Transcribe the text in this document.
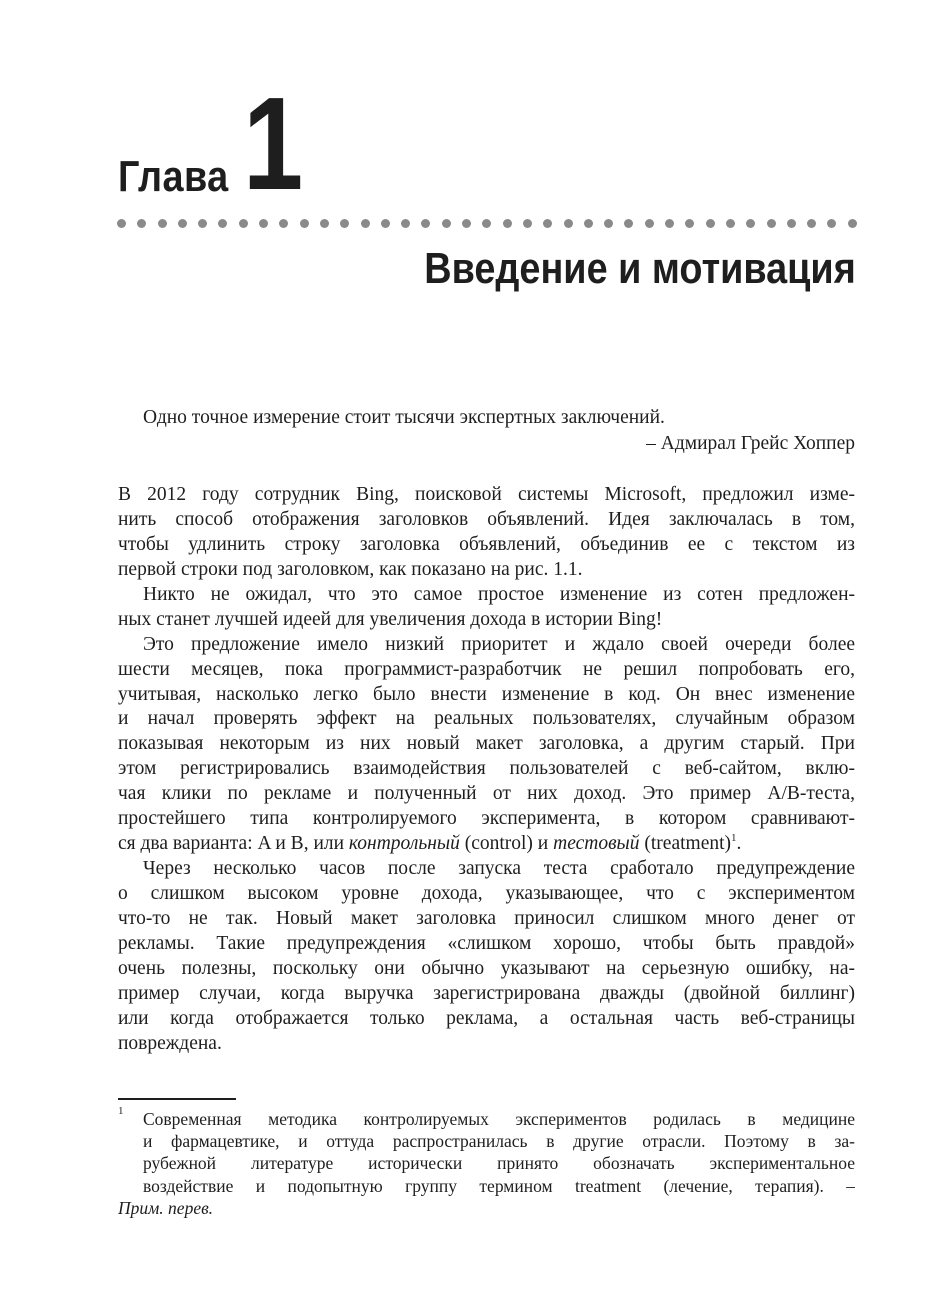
Глава 1
Введение и мотивация
Одно точное измерение стоит тысячи экспертных заключений.
– Адмирал Грейс Хоппер
В 2012 году сотрудник Bing, поисковой системы Microsoft, предложил изме-
нить способ отображения заголовков объявлений. Идея заключалась в том,
чтобы удлинить строку заголовка объявлений, объединив ее с текстом из
первой строки под заголовком, как показано на рис. 1.1.
Никто не ожидал, что это самое простое изменение из сотен предложен-
ных станет лучшей идеей для увеличения дохода в истории Bing!
Это предложение имело низкий приоритет и ждало своей очереди более
шести месяцев, пока программист-разработчик не решил попробовать его,
учитывая, насколько легко было внести изменение в код. Он внес изменение
и начал проверять эффект на реальных пользователях, случайным образом
показывая некоторым из них новый макет заголовка, а другим старый. При
этом регистрировались взаимодействия пользователей с веб-сайтом, вклю-
чая клики по рекламе и полученный от них доход. Это пример A/B-теста,
простейшего типа контролируемого эксперимента, в котором сравнивают-
ся два варианта: A и B, или контрольный (control) и тестовый (treatment)$^1$.
Через несколько часов после запуска теста сработало предупреждение
о слишком высоком уровне дохода, указывающее, что с экспериментом
что-то не так. Новый макет заголовка приносил слишком много денег от
рекламы. Такие предупреждения «слишком хорошо, чтобы быть правдой»
очень полезны, поскольку они обычно указывают на серьезную ошибку, на-
пример случаи, когда выручка зарегистрирована дважды (двойной биллинг)
или когда отображается только реклама, а остальная часть веб-страницы
повреждена.
1 Современная методика контролируемых экспериментов родилась в медицине
и фармацевтике, и оттуда распространилась в другие отрасли. Поэтому в за-
рубежной литературе исторически принято обозначать экспериментальное
воздействие и подопытную группу термином treatment (лечение, терапия). –
Прим. перев.
